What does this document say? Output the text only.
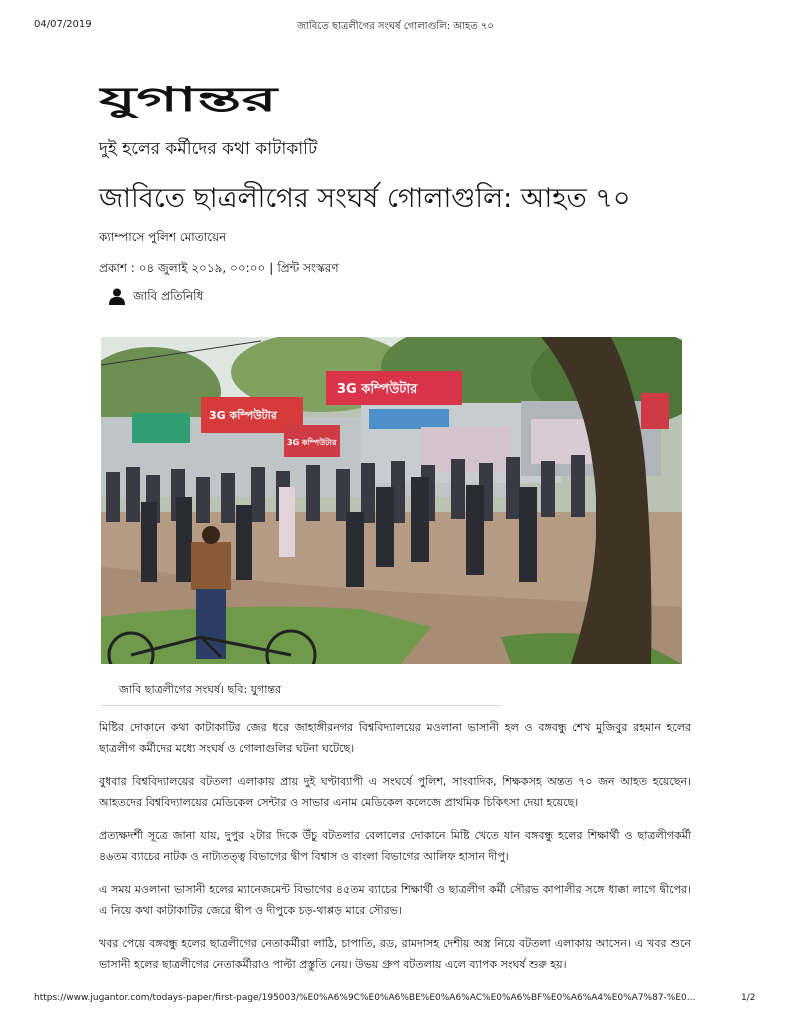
04/07/2019	জাবিতে ছাত্রলীগের সংঘর্ষ গোলাগুলি: আহত ৭০
যুগান্তর
দুই হলের কর্মীদের কথা কাটাকাটি
জাবিতে ছাত্রলীগের সংঘর্ষ গোলাগুলি: আহত ৭০
ক্যাম্পাসে পুলিশ মোতায়েন
প্রকাশ : ০৪ জুলাই ২০১৯, ০০:০০ | প্রিন্ট সংস্করণ
জাবি প্রতিনিধি
3G কম্পিউটার
3G কম্পিউটার
3G কম্পিউটার
জাবি ছাত্রলীগের সংঘর্ষ। ছবি: যুগান্তর

মিষ্টির দোকানে কথা কাটাকাটির জের ধরে জাহাঙ্গীরনগর বিশ্ববিদ্যালয়ের মওলানা ভাসানী হল ও বঙ্গবন্ধু শেখ মুজিবুর রহমান হলের ছাত্রলীগ কর্মীদের মধ্যে সংঘর্ষ ও গোলাগুলির ঘটনা ঘটেছে।

বুধবার বিশ্ববিদ্যালয়ের বটতলা এলাকায় প্রায় দুই ঘণ্টাব্যাপী এ সংঘর্ষে পুলিশ, সাংবাদিক, শিক্ষকসহ অন্তত ৭০ জন আহত হয়েছেন। আহতদের বিশ্ববিদ্যালয়ের মেডিকেল সেন্টার ও সাভার এনাম মেডিকেল কলেজে প্রাথমিক চিকিৎসা দেয়া হয়েছে।

প্রত্যক্ষদর্শী সূত্রে জানা যায়, দুপুর ২টার দিকে উঁচু বটতলার বেলালের দোকানে মিষ্টি খেতে যান বঙ্গবন্ধু হলের শিক্ষার্থী ও ছাত্রলীগকর্মী ৪৬তম ব্যাচের নাটক ও নাট্যতত্ত্ব বিভাগের দ্বীপ বিশ্বাস ও বাংলা বিভাগের আলিফ হাসান দীপু।

এ সময় মওলানা ভাসানী হলের ম্যানেজমেন্ট বিভাগের ৪৫তম ব্যাচের শিক্ষার্থী ও ছাত্রলীগ কর্মী সৌরভ কাপালীর সঙ্গে ধাক্কা লাগে দ্বীপের। এ নিয়ে কথা কাটাকাটির জেরে দ্বীপ ও দীপুকে চড়-থাপ্পড় মারে সৌরভ।

খবর পেয়ে বঙ্গবন্ধু হলের ছাত্রলীগের নেতাকর্মীরা লাঠি, চাপাতি, রড, রামদাসহ দেশীয় অস্ত্র নিয়ে বটতলা এলাকায় আসেন। এ খবর শুনে ভাসানী হলের ছাত্রলীগের নেতাকর্মীরাও পাল্টা প্রস্তুতি নেয়। উভয় গ্রুপ বটতলায় এলে ব্যাপক সংঘর্ষ শুরু হয়।

https://www.jugantor.com/todays-paper/first-page/195003/%E0%A6%9C%E0%A6%BE%E0%A6%AC%E0%A6%BF%E0%A6%A4%E0%A7%87-%E0...	1/2
